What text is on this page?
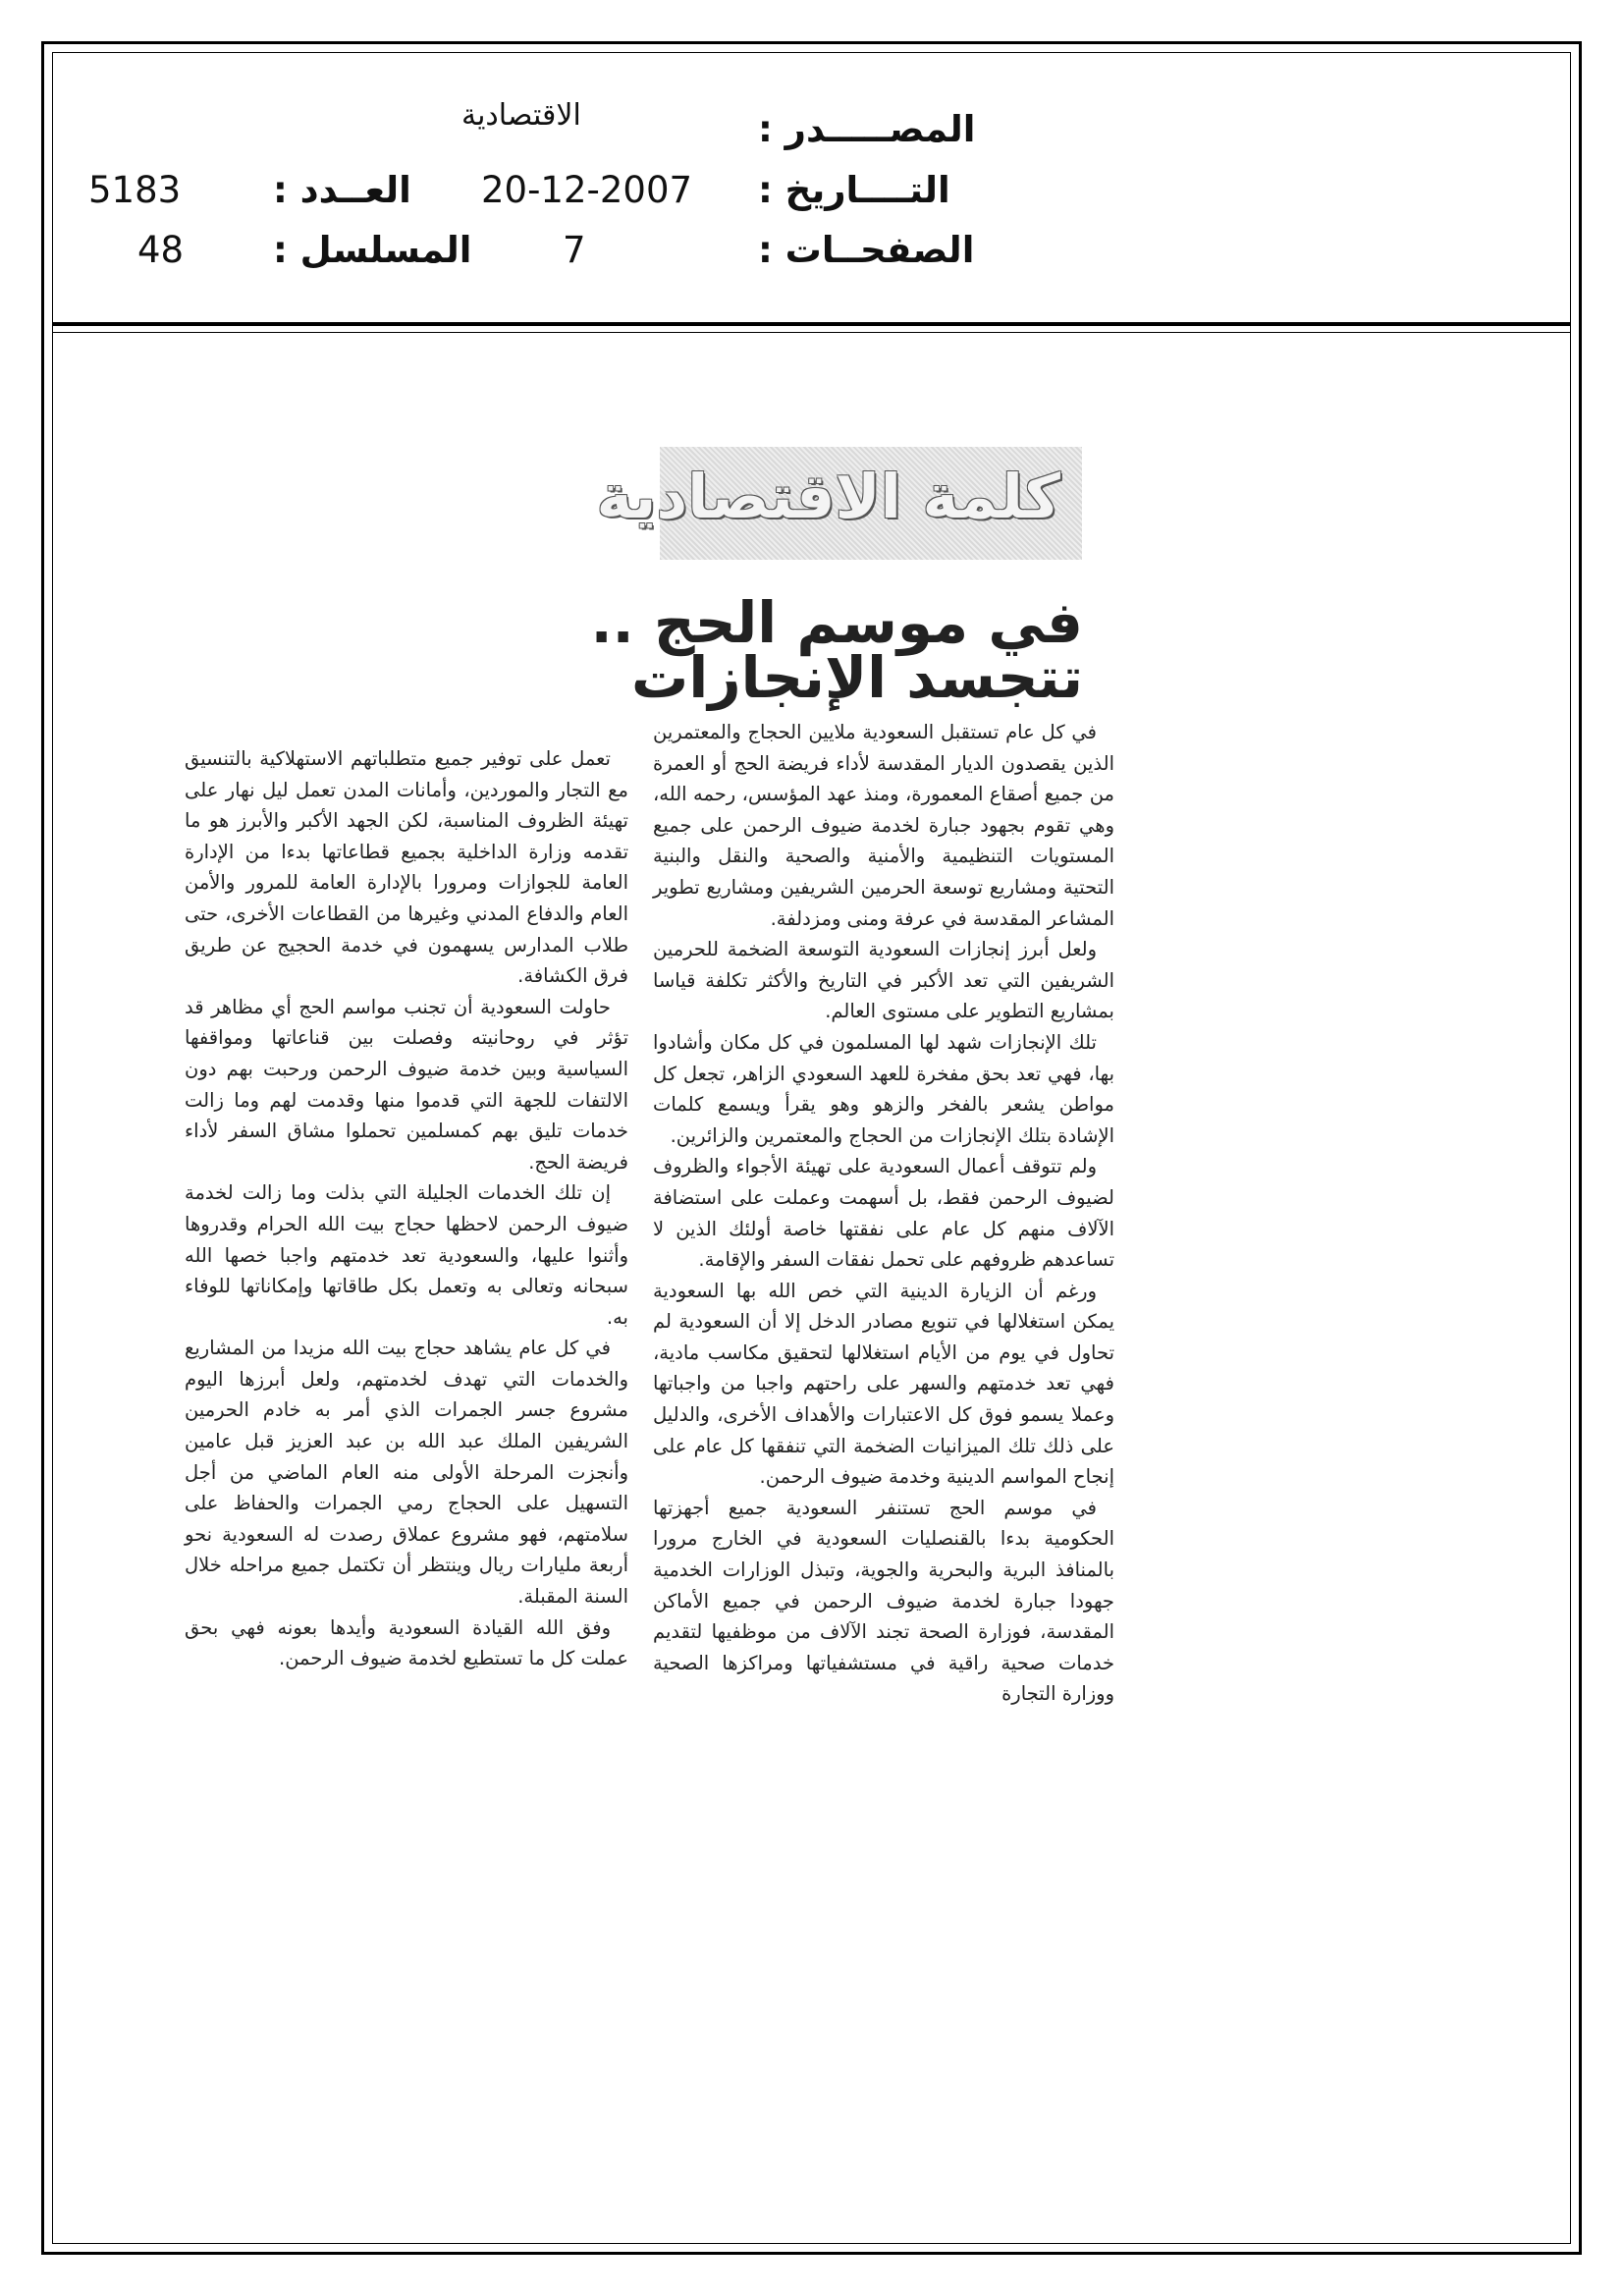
المصـــــدر :
الاقتصادية
التــــاريخ :
20-12-2007
العــدد :
5183
الصفحــات :
7
المسلسل :
48
كلمة الاقتصادية
في موسم الحج ..
تتجسد الإنجازات

في كل عام تستقبل السعودية ملايين الحجاج والمعتمرين الذين يقصدون الديار المقدسة لأداء فريضة الحج أو العمرة من جميع أصقاع المعمورة، ومنذ عهد المؤسس، رحمه الله، وهي تقوم بجهود جبارة لخدمة ضيوف الرحمن على جميع المستويات التنظيمية والأمنية والصحية والنقل والبنية التحتية ومشاريع توسعة الحرمين الشريفين ومشاريع تطوير المشاعر المقدسة في عرفة ومنى ومزدلفة.

ولعل أبرز إنجازات السعودية التوسعة الضخمة للحرمين الشريفين التي تعد الأكبر في التاريخ والأكثر تكلفة قياسا بمشاريع التطوير على مستوى العالم.

تلك الإنجازات شهد لها المسلمون في كل مكان وأشادوا بها، فهي تعد بحق مفخرة للعهد السعودي الزاهر، تجعل كل مواطن يشعر بالفخر والزهو وهو يقرأ ويسمع كلمات الإشادة بتلك الإنجازات من الحجاج والمعتمرين والزائرين.

ولم تتوقف أعمال السعودية على تهيئة الأجواء والظروف لضيوف الرحمن فقط، بل أسهمت وعملت على استضافة الآلاف منهم كل عام على نفقتها خاصة أولئك الذين لا تساعدهم ظروفهم على تحمل نفقات السفر والإقامة.

ورغم أن الزيارة الدينية التي خص الله بها السعودية يمكن استغلالها في تنويع مصادر الدخل إلا أن السعودية لم تحاول في يوم من الأيام استغلالها لتحقيق مكاسب مادية، فهي تعد خدمتهم والسهر على راحتهم واجبا من واجباتها وعملا يسمو فوق كل الاعتبارات والأهداف الأخرى، والدليل على ذلك تلك الميزانيات الضخمة التي تنفقها كل عام على إنجاح المواسم الدينية وخدمة ضيوف الرحمن.

في موسم الحج تستنفر السعودية جميع أجهزتها الحكومية بدءا بالقنصليات السعودية في الخارج مرورا بالمنافذ البرية والبحرية والجوية، وتبذل الوزارات الخدمية جهودا جبارة لخدمة ضيوف الرحمن في جميع الأماكن المقدسة، فوزارة الصحة تجند الآلاف من موظفيها لتقديم خدمات صحية راقية في مستشفياتها ومراكزها الصحية ووزارة التجارة

تعمل على توفير جميع متطلباتهم الاستهلاكية بالتنسيق مع التجار والموردين، وأمانات المدن تعمل ليل نهار على تهيئة الظروف المناسبة، لكن الجهد الأكبر والأبرز هو ما تقدمه وزارة الداخلية بجميع قطاعاتها بدءا من الإدارة العامة للجوازات ومرورا بالإدارة العامة للمرور والأمن العام والدفاع المدني وغيرها من القطاعات الأخرى، حتى طلاب المدارس يسهمون في خدمة الحجيج عن طريق فرق الكشافة.

حاولت السعودية أن تجنب مواسم الحج أي مظاهر قد تؤثر في روحانيته وفصلت بين قناعاتها ومواقفها السياسية وبين خدمة ضيوف الرحمن ورحبت بهم دون الالتفات للجهة التي قدموا منها وقدمت لهم وما زالت خدمات تليق بهم كمسلمين تحملوا مشاق السفر لأداء فريضة الحج.

إن تلك الخدمات الجليلة التي بذلت وما زالت لخدمة ضيوف الرحمن لاحظها حجاج بيت الله الحرام وقدروها وأثنوا عليها، والسعودية تعد خدمتهم واجبا خصها الله سبحانه وتعالى به وتعمل بكل طاقاتها وإمكاناتها للوفاء به.

في كل عام يشاهد حجاج بيت الله مزيدا من المشاريع والخدمات التي تهدف لخدمتهم، ولعل أبرزها اليوم مشروع جسر الجمرات الذي أمر به خادم الحرمين الشريفين الملك عبد الله بن عبد العزيز قبل عامين وأنجزت المرحلة الأولى منه العام الماضي من أجل التسهيل على الحجاج رمي الجمرات والحفاظ على سلامتهم، فهو مشروع عملاق رصدت له السعودية نحو أربعة مليارات ريال وينتظر أن تكتمل جميع مراحله خلال السنة المقبلة.

وفق الله القيادة السعودية وأيدها بعونه فهي بحق عملت كل ما تستطيع لخدمة ضيوف الرحمن.
